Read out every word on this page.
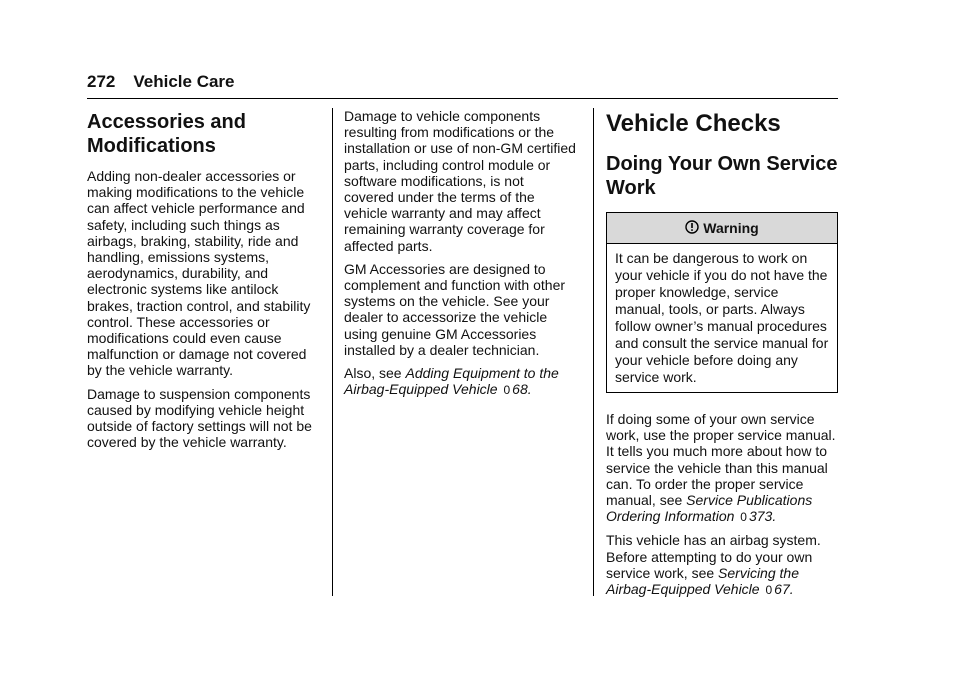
272 Vehicle Care
Accessories and Modifications

Adding non-dealer accessories or making modifications to the vehicle can affect vehicle performance and safety, including such things as airbags, braking, stability, ride and handling, emissions systems, aerodynamics, durability, and electronic systems like antilock brakes, traction control, and stability control. These accessories or modifications could even cause malfunction or damage not covered by the vehicle warranty.

Damage to suspension components caused by modifying vehicle height outside of factory settings will not be covered by the vehicle warranty.

Damage to vehicle components resulting from modifications or the installation or use of non-GM certified parts, including control module or software modifications, is not covered under the terms of the vehicle warranty and may affect remaining warranty coverage for affected parts.

GM Accessories are designed to complement and function with other systems on the vehicle. See your dealer to accessorize the vehicle using genuine GM Accessories installed by a dealer technician.

Also, see Adding Equipment to the Airbag-Equipped Vehicle 0 68.

Vehicle Checks
Doing Your Own Service Work
Warning
It can be dangerous to work on your vehicle if you do not have the proper knowledge, service manual, tools, or parts. Always follow owner’s manual procedures and consult the service manual for your vehicle before doing any service work.

If doing some of your own service work, use the proper service manual. It tells you much more about how to service the vehicle than this manual can. To order the proper service manual, see Service Publications Ordering Information 0 373.

This vehicle has an airbag system. Before attempting to do your own service work, see Servicing the Airbag-Equipped Vehicle 0 67.
